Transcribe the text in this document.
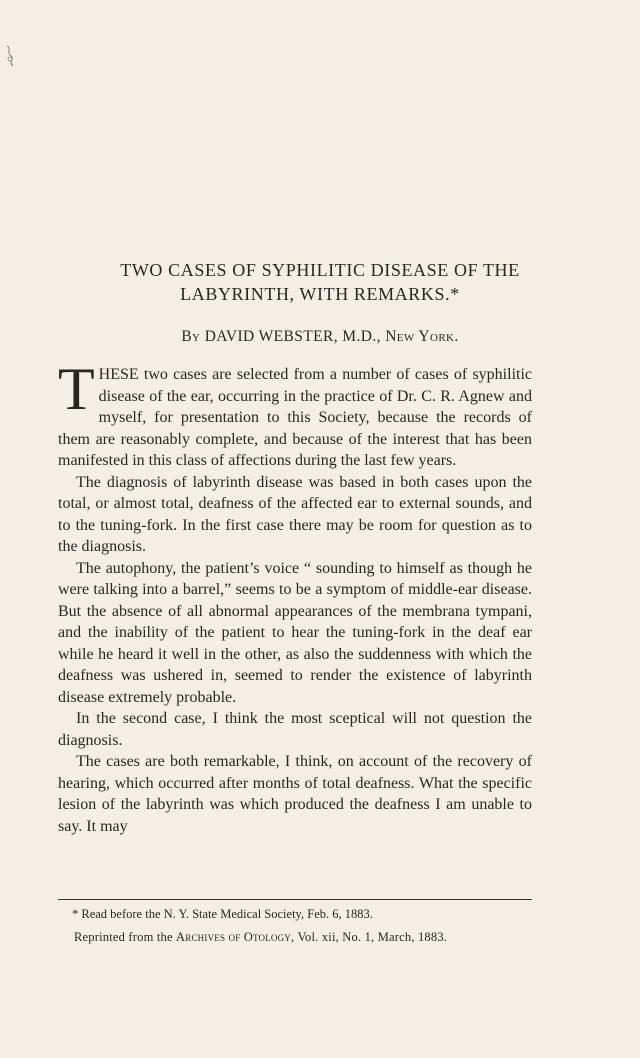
TWO CASES OF SYPHILITIC DISEASE OF THE
LABYRINTH, WITH REMARKS.*
By DAVID WEBSTER, M.D., New York.

THESE two cases are selected from a number of cases of syphilitic disease of the ear, occurring in the practice of Dr. C. R. Agnew and myself, for presentation to this Society, because the records of them are reasonably complete, and because of the interest that has been manifested in this class of affections during the last few years.

The diagnosis of labyrinth disease was based in both cases upon the total, or almost total, deafness of the affected ear to external sounds, and to the tuning-fork. In the first case there may be room for question as to the diagnosis.

The autophony, the patient’s voice “ sounding to himself as though he were talking into a barrel,” seems to be a symptom of middle-ear disease. But the absence of all abnormal appearances of the membrana tympani, and the inability of the patient to hear the tuning-fork in the deaf ear while he heard it well in the other, as also the suddenness with which the deafness was ushered in, seemed to render the existence of labyrinth disease extremely probable.

In the second case, I think the most sceptical will not question the diagnosis.

The cases are both remarkable, I think, on account of the recovery of hearing, which occurred after months of total deafness. What the specific lesion of the labyrinth was which produced the deafness I am unable to say. It may

* Read before the N. Y. State Medical Society, Feb. 6, 1883.
Reprinted from the Archives of Otology, Vol. xii, No. 1, March, 1883.
